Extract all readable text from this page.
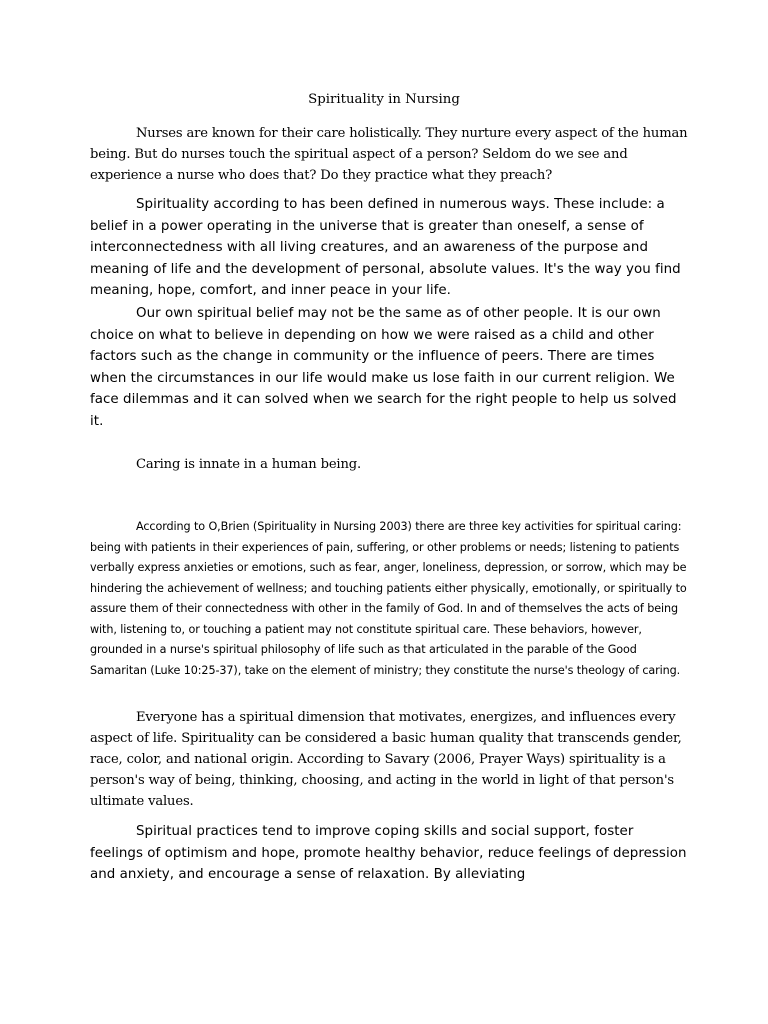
Spirituality in Nursing

Nurses are known for their care holistically. They nurture every aspect of the human being. But do nurses touch the spiritual aspect of a person? Seldom do we see and experience a nurse who does that? Do they practice what they preach?

Spirituality according to has been defined in numerous ways. These include: a belief in a power operating in the universe that is greater than oneself, a sense of interconnectedness with all living creatures, and an awareness of the purpose and meaning of life and the development of personal, absolute values. It's the way you find meaning, hope, comfort, and inner peace in your life.

Our own spiritual belief may not be the same as of other people. It is our own choice on what to believe in depending on how we were raised as a child and other factors such as the change in community or the influence of peers. There are times when the circumstances in our life would make us lose faith in our current religion. We face dilemmas and it can solved when we search for the right people to help us solved it.

Caring is innate in a human being.

According to O,Brien (Spirituality in Nursing 2003) there are three key activities for spiritual caring: being with patients in their experiences of pain, suffering, or other problems or needs; listening to patients verbally express anxieties or emotions, such as fear, anger, loneliness, depression, or sorrow, which may be hindering the achievement of wellness; and touching patients either physically, emotionally, or spiritually to assure them of their connectedness with other in the family of God. In and of themselves the acts of being with, listening to, or touching a patient may not constitute spiritual care. These behaviors, however, grounded in a nurse's spiritual philosophy of life such as that articulated in the parable of the Good Samaritan (Luke 10:25-37), take on the element of ministry; they constitute the nurse's theology of caring.

Everyone has a spiritual dimension that motivates, energizes, and influences every aspect of life. Spirituality can be considered a basic human quality that transcends gender, race, color, and national origin. According to Savary (2006, Prayer Ways) spirituality is a person's way of being, thinking, choosing, and acting in the world in light of that person's ultimate values.

Spiritual practices tend to improve coping skills and social support, foster feelings of optimism and hope, promote healthy behavior, reduce feelings of depression and anxiety, and encourage a sense of relaxation. By alleviating
